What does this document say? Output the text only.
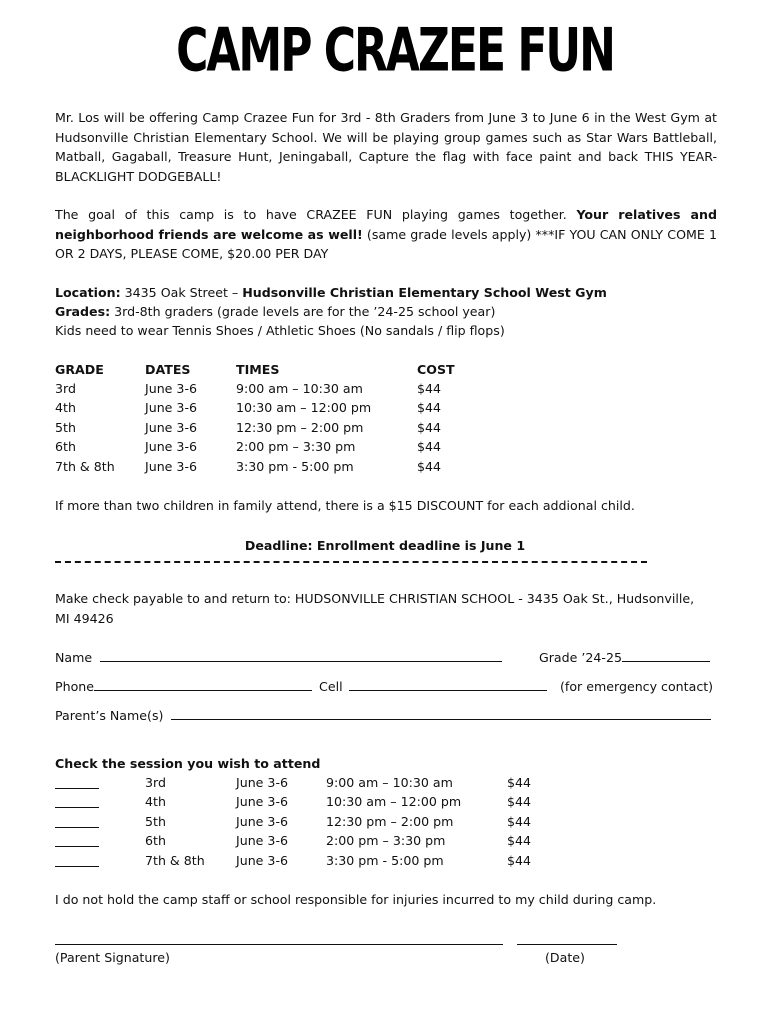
CAMP CRAZEE FUN
Mr. Los will be offering Camp Crazee Fun for 3rd - 8th Graders from June 3 to June 6 in the West Gym at Hudsonville Christian Elementary School. We will be playing group games such as Star Wars Battleball, Matball, Gagaball, Treasure Hunt, Jeningaball, Capture the flag with face paint and back THIS YEAR- BLACKLIGHT DODGEBALL!
The goal of this camp is to have CRAZEE FUN playing games together. Your relatives and neighborhood friends are welcome as well! (same grade levels apply) ***IF YOU CAN ONLY COME 1 OR 2 DAYS, PLEASE COME, $20.00 PER DAY
Location: 3435 Oak Street – Hudsonville Christian Elementary School West Gym
Grades: 3rd-8th graders (grade levels are for the ’24-25 school year)
Kids need to wear Tennis Shoes / Athletic Shoes (No sandals / flip flops)
GRADE	DATES	TIMES	COST
3rd	June 3-6	9:00 am – 10:30 am	$44
4th	June 3-6	10:30 am – 12:00 pm	$44
5th	June 3-6	12:30 pm – 2:00 pm	$44
6th	June 3-6	2:00 pm – 3:30 pm	$44
7th & 8th June 3-6	3:30 pm - 5:00 pm	$44
If more than two children in family attend, there is a $15 DISCOUNT for each addional child.
Deadline: Enrollment deadline is June 1
Make check payable to and return to: HUDSONVILLE CHRISTIAN SCHOOL - 3435 Oak St., Hudsonville, MI 49426
Name	Grade ’24-25
Phone	Cell	(for emergency contact)
Parent’s Name(s)
Check the session you wish to attend
3rd	June 3-6	9:00 am – 10:30 am	$44
4th	June 3-6	10:30 am – 12:00 pm	$44
5th	June 3-6	12:30 pm – 2:00 pm	$44
6th	June 3-6	2:00 pm – 3:30 pm	$44
7th & 8th June 3-6	3:30 pm - 5:00 pm	$44
I do not hold the camp staff or school responsible for injuries incurred to my child during camp.
(Parent Signature)	(Date)
